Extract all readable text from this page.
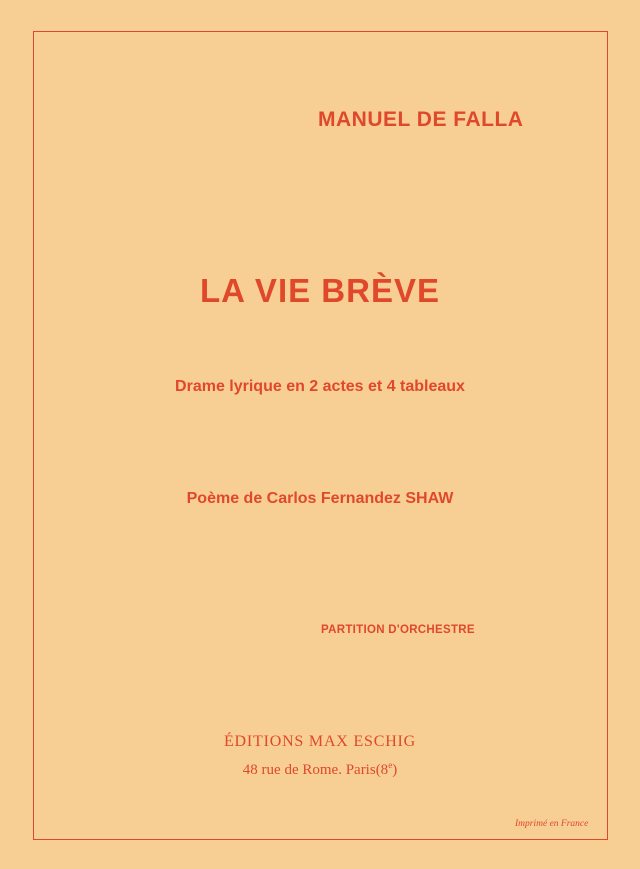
MANUEL DE FALLA
LA VIE BRÈVE
Drame lyrique en 2 actes et 4 tableaux
Poème de Carlos Fernandez SHAW
PARTITION D'ORCHESTRE
ÉDITIONS MAX ESCHIG
48 rue de Rome. Paris(8e)
Imprimé en France
